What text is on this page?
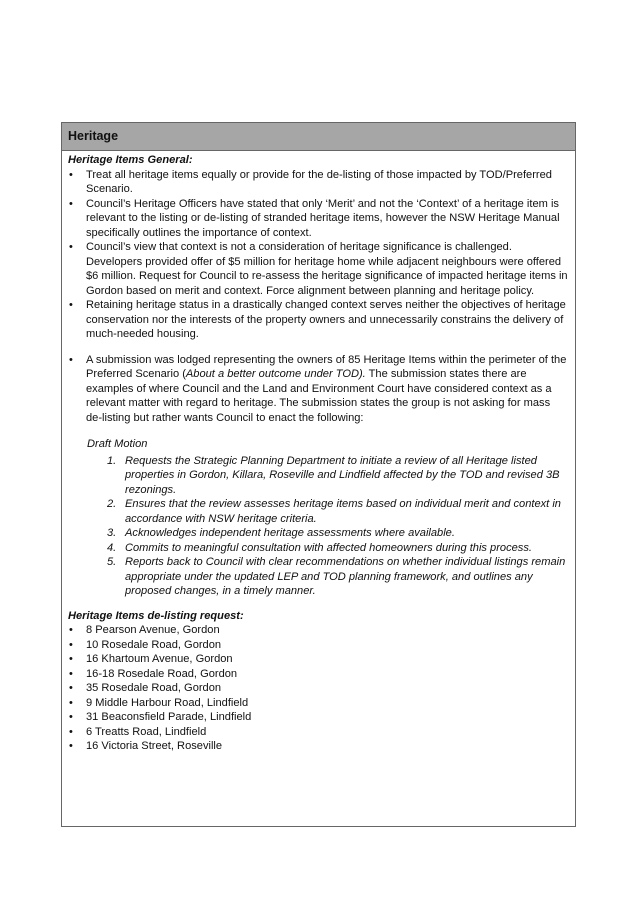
Heritage
Heritage Items General:
• Treat all heritage items equally or provide for the de-listing of those impacted by TOD/Preferred Scenario.
• Council’s Heritage Officers have stated that only ‘Merit’ and not the ‘Context’ of a heritage item is relevant to the listing or de-listing of stranded heritage items, however the NSW Heritage Manual specifically outlines the importance of context.
• Council’s view that context is not a consideration of heritage significance is challenged. Developers provided offer of $5 million for heritage home while adjacent neighbours were offered $6 million. Request for Council to re-assess the heritage significance of impacted heritage items in Gordon based on merit and context. Force alignment between planning and heritage policy.
• Retaining heritage status in a drastically changed context serves neither the objectives of heritage conservation nor the interests of the property owners and unnecessarily constrains the delivery of much-needed housing.
• A submission was lodged representing the owners of 85 Heritage Items within the perimeter of the Preferred Scenario (About a better outcome under TOD). The submission states there are examples of where Council and the Land and Environment Court have considered context as a relevant matter with regard to heritage. The submission states the group is not asking for mass de-listing but rather wants Council to enact the following:
Draft Motion
1. Requests the Strategic Planning Department to initiate a review of all Heritage listed properties in Gordon, Killara, Roseville and Lindfield affected by the TOD and revised 3B rezonings.
2. Ensures that the review assesses heritage items based on individual merit and context in accordance with NSW heritage criteria.
3. Acknowledges independent heritage assessments where available.
4. Commits to meaningful consultation with affected homeowners during this process.
5. Reports back to Council with clear recommendations on whether individual listings remain appropriate under the updated LEP and TOD planning framework, and outlines any proposed changes, in a timely manner.
Heritage Items de-listing request:
• 8 Pearson Avenue, Gordon
• 10 Rosedale Road, Gordon
• 16 Khartoum Avenue, Gordon
• 16-18 Rosedale Road, Gordon
• 35 Rosedale Road, Gordon
• 9 Middle Harbour Road, Lindfield
• 31 Beaconsfield Parade, Lindfield
• 6 Treatts Road, Lindfield
• 16 Victoria Street, Roseville
